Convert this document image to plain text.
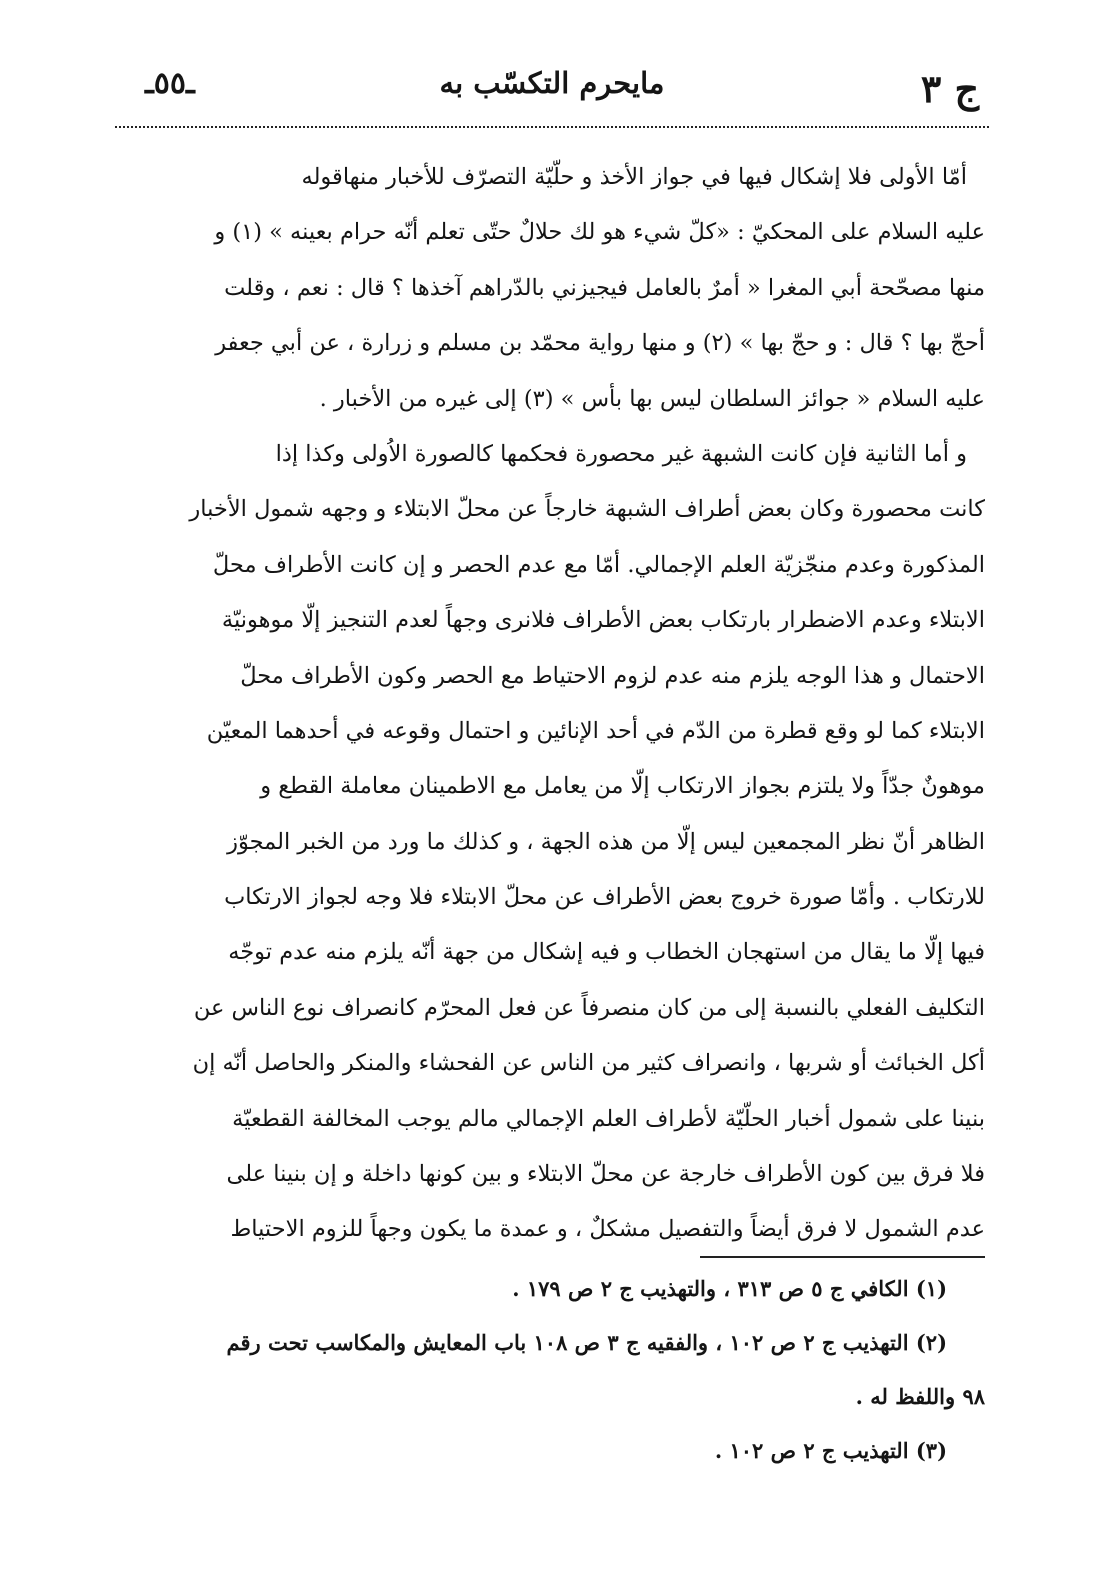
ج ٣
مايحرم التكسّب به
ـ٥٥ـ
أمّا الأولى فلا إشكال فيها في جواز الأخذ و حلّيّة التصرّف للأخبار منهاقوله
عليه السلام على المحكيّ : «كلّ شيء هو لك حلالٌ حتّى تعلم أنّه حرام بعينه » (١) و
منها مصحّحة أبي المغرا « أمرٌ بالعامل فيجيزني بالدّراهم آخذها ؟ قال : نعم ، وقلت
أحجّ بها ؟ قال : و حجّ بها » (٢) و منها رواية محمّد بن مسلم و زرارة ، عن أبي جعفر
عليه السلام « جوائز السلطان ليس بها بأس » (٣) إلى غيره من الأخبار .
و أما الثانية فإن كانت الشبهة غير محصورة فحكمها كالصورة الاُولى وكذا إذا
كانت محصورة وكان بعض أطراف الشبهة خارجاً عن محلّ الابتلاء و وجهه شمول الأخبار
المذكورة وعدم منجّزيّة العلم الإجمالي. أمّا مع عدم الحصر و إن كانت الأطراف محلّ
الابتلاء وعدم الاضطرار بارتكاب بعض الأطراف فلانرى وجهاً لعدم التنجيز إلّا موهونيّة
الاحتمال و هذا الوجه يلزم منه عدم لزوم الاحتياط مع الحصر وكون الأطراف محلّ
الابتلاء كما لو وقع قطرة من الدّم في أحد الإنائين و احتمال وقوعه في أحدهما المعيّن
موهونٌ جدّاً ولا يلتزم بجواز الارتكاب إلّا من يعامل مع الاطمينان معاملة القطع و
الظاهر أنّ نظر المجمعين ليس إلّا من هذه الجهة ، و كذلك ما ورد من الخبر المجوّز
للارتكاب . وأمّا صورة خروج بعض الأطراف عن محلّ الابتلاء فلا وجه لجواز الارتكاب
فيها إلّا ما يقال من استهجان الخطاب و فيه إشكال من جهة أنّه يلزم منه عدم توجّه
التكليف الفعلي بالنسبة إلى من كان منصرفاً عن فعل المحرّم كانصراف نوع الناس عن
أكل الخبائث أو شربها ، وانصراف كثير من الناس عن الفحشاء والمنكر والحاصل أنّه إن
بنينا على شمول أخبار الحلّيّة لأطراف العلم الإجمالي مالم يوجب المخالفة القطعيّة
فلا فرق بين كون الأطراف خارجة عن محلّ الابتلاء و بين كونها داخلة و إن بنينا على
عدم الشمول لا فرق أيضاً والتفصيل مشكلٌ ، و عمدة ما يكون وجهاً للزوم الاحتياط
(١) الكافي ج ٥ ص ٣١٣ ، والتهذيب ج ٢ ص ١٧٩ .
(٢) التهذيب ج ٢ ص ١٠٢ ، والفقيه ج ٣ ص ١٠٨ باب المعايش والمكاسب تحت رقم
٩٨ واللفظ له .
(٣) التهذيب ج ٢ ص ١٠٢ .
